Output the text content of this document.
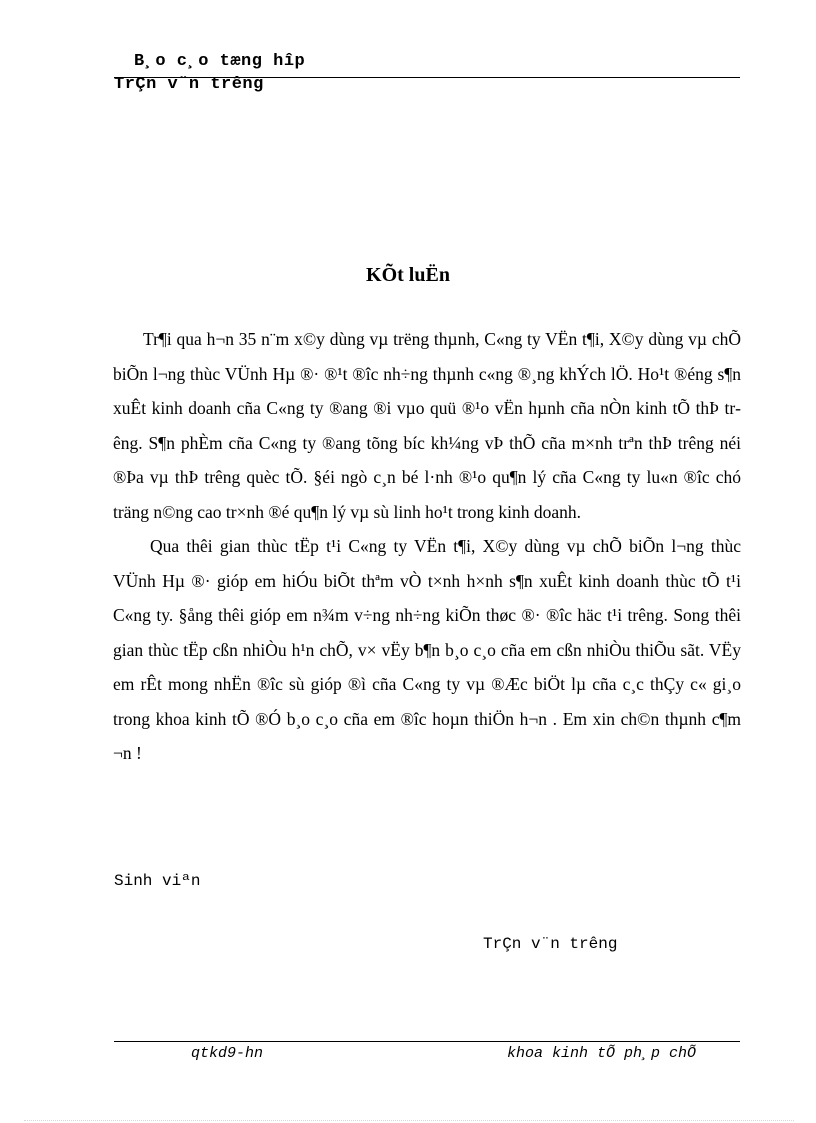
B¸o c¸o tæng hîp
TrÇn v¨n trêng
KÕt luËn

Tr¶i qua h¬n 35 n¨m x©y dùng vµ trëng thµnh, C«ng ty VËn t¶i, X©y dùng vµ chÕ biÕn l¬ng thùc VÜnh Hµ ®· ®¹t ®îc nh÷ng thµnh c«ng ®¸ng khÝch lÖ. Ho¹t ®éng s¶n xuÊt kinh doanh cña C«ng ty ®ang ®i vµo quü ®¹o vËn hµnh cña nÒn kinh tÕ thÞ trêng. S¶n phÈm cña C«ng ty ®ang tõng bíc kh¼ng vÞ thÕ cña m×nh trªn thÞ trêng néi ®Þa vµ thÞ trêng quèc tÕ. §éi ngò c¸n bé l·nh ®¹o qu¶n lý cña C«ng ty lu«n ®îc chó träng n©ng cao tr×nh ®é qu¶n lý vµ sù linh ho¹t trong kinh doanh.

Qua thêi gian thùc tËp t¹i C«ng ty VËn t¶i, X©y dùng vµ chÕ biÕn l¬ng thùc VÜnh Hµ ®· gióp em hiÓu biÕt thªm vÒ t×nh h×nh s¶n xuÊt kinh doanh thùc tÕ t¹i C«ng ty. §ång thêi gióp em n¾m v÷ng nh÷ng kiÕn thøc ®· ®îc häc t¹i trêng. Song thêi gian thùc tËp cßn nhiÒu h¹n chÕ, v× vËy b¶n b¸o c¸o cña em cßn nhiÒu thiÕu sãt. VËy em rÊt mong nhËn ®îc sù gióp ®ì cña C«ng ty vµ ®Æc biÖt lµ cña c¸c thÇy c« gi¸o trong khoa kinh tÕ ®Ó b¸o c¸o cña em ®îc hoµn thiÖn h¬n . Em xin ch©n thµnh c¶m ¬n !

Sinh viªn
TrÇn v¨n trêng
qtkd9-hn	khoa kinh tÕ ph¸p chÕ
